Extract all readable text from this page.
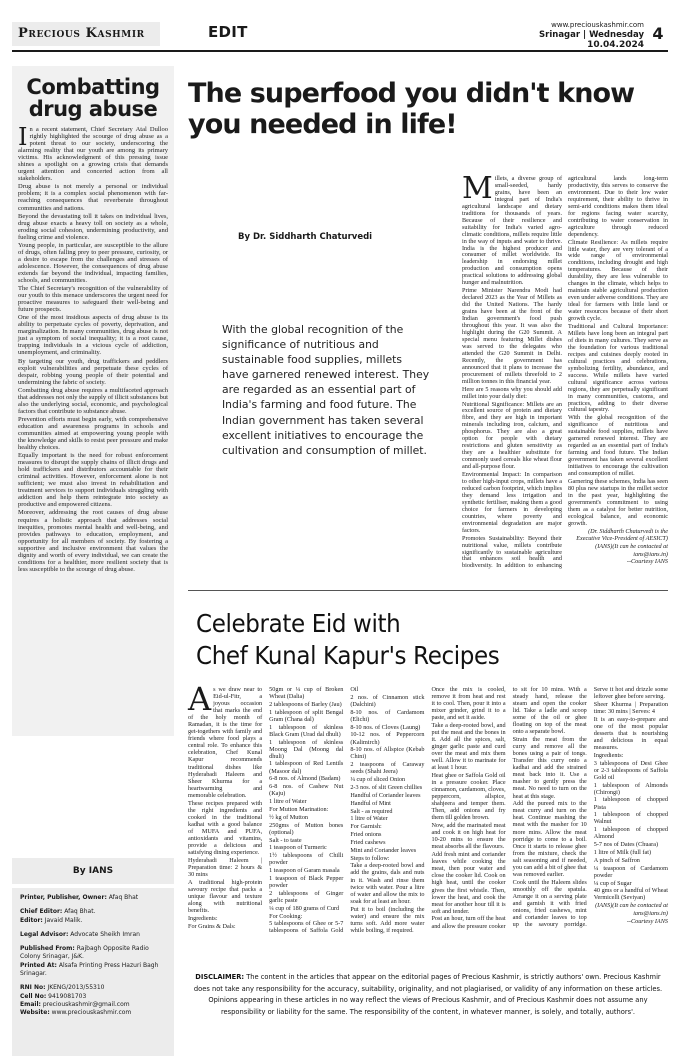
Precious Kashmir	EDIT	www.preciouskashmir.com
Srinagar | Wednesday
10.04.2024
4
Combatting drug abuse

In a recent statement, Chief Secretary Atal Dulloo rightly highlighted the scourge of drug abuse as a potent threat to our society, underscoring the alarming reality that our youth are among its primary victims. His acknowledgment of this pressing issue shines a spotlight on a growing crisis that demands urgent attention and concerted action from all stakeholders.

Drug abuse is not merely a personal or individual problem; it is a complex social phenomenon with far-reaching consequences that reverberate throughout communities and nations.

Beyond the devastating toll it takes on individual lives, drug abuse exacts a heavy toll on society as a whole, eroding social cohesion, undermining productivity, and fueling crime and violence.

Young people, in particular, are susceptible to the allure of drugs, often falling prey to peer pressure, curiosity, or a desire to escape from the challenges and stresses of adolescence. However, the consequences of drug abuse extends far beyond the individual, impacting families, schools, and communities.

The Chief Secretary's recognition of the vulnerability of our youth to this menace underscores the urgent need for proactive measures to safeguard their well-being and future prospects.

One of the most insidious aspects of drug abuse is its ability to perpetuate cycles of poverty, deprivation, and marginalization. In many communities, drug abuse is not just a symptom of social inequality; it is a root cause, trapping individuals in a vicious cycle of addiction, unemployment, and criminality.

By targeting our youth, drug traffickers and peddlers exploit vulnerabilities and perpetuate these cycles of despair, robbing young people of their potential and undermining the fabric of society.

Combatting drug abuse requires a multifaceted approach that addresses not only the supply of illicit substances but also the underlying social, economic, and psychological factors that contribute to substance abuse.

Prevention efforts must begin early, with comprehensive education and awareness programs in schools and communities aimed at empowering young people with the knowledge and skills to resist peer pressure and make healthy choices.

Equally important is the need for robust enforcement measures to disrupt the supply chains of illicit drugs and hold traffickers and distributors accountable for their criminal activities. However, enforcement alone is not sufficient; we must also invest in rehabilitation and treatment services to support individuals struggling with addiction and help them reintegrate into society as productive and empowered citizens.

Moreover, addressing the root causes of drug abuse requires a holistic approach that addresses social inequities, promotes mental health and well-being, and provides pathways to education, employment, and opportunity for all members of society. By fostering a supportive and inclusive environment that values the dignity and worth of every individual, we can create the conditions for a healthier, more resilient society that is less susceptible to the scourge of drug abuse.

By IANS
Printer, Publisher, Owner: Afaq Bhat
Chief Editor: Afaq Bhat.
Editor: Javaid Malik.
Legal Advisor: Advocate Sheikh Imran
Published From: Rajbagh Opposite Radio Colony Srinagar, J&K.
Printed At: Alsafa Printing Press Hazuri Bagh Srinagar.
RNI No: JKENG/2013/55310
Cell No: 9419081703
Email: preciouskashmir@gmail.com
Website: www.preciouskashmir.com
The superfood you didn't know you needed in life!
By Dr. Siddharth Chaturvedi
With the global recognition of the significance of nutritious and sustainable food supplies, millets have garnered renewed interest. They are regarded as an essential part of India's farming and food future. The Indian government has taken several excellent initiatives to encourage the cultivation and consumption of millet.

Millets, a diverse group of small-seeded, hardy grains, have been an integral part of India's agricultural landscape and dietary traditions for thousands of years. Because of their resilience and suitability for India's varied agro-climatic conditions, millets require little in the way of inputs and water to thrive. India is the highest producer and consumer of millet worldwide. Its leadership in endorsing millet production and consumption opens practical solutions to addressing global hunger and malnutrition.

Prime Minister Narendra Modi had declared 2023 as the Year of Millets as did the United Nations. The hardy grains have been at the front of the Indian government's food push throughout this year. It was also the highlight during the G20 Summit. A special menu featuring Millet dishes was served to the delegates who attended the G20 Summit in Delhi. Recently, the government has announced that it plans to increase the procurement of millets threefold to 2 million tonnes in this financial year.

Here are 5 reasons why you should add millet into your daily diet:

Nutritional Significance: Millets are an excellent source of protein and dietary fibre, and they are high in important minerals including iron, calcium, and phosphorus. They are also a great option for people with dietary restrictions and gluten sensitivity as they are a healthier substitute for commonly used cereals like wheat flour and all-purpose flour.

Environmental Impact: In comparison to other high-input crops, millets have a reduced carbon footprint, which implies they demand less irrigation and synthetic fertiliser, making them a good choice for farmers in developing countries, where poverty and environmental degradation are major factors.

Promotes Sustainability: Beyond their nutritional value, millets contribute significantly to sustainable agriculture that enhances soil health and biodiversity. In addition to enhancing agricultural lands long-term productivity, this serves to conserve the environment. Due to their low water requirement, their ability to thrive in semi-arid conditions makes them ideal for regions facing water scarcity, contributing to water conservation in agriculture through reduced dependency.

Climate Resilience: As millets require little water, they are very tolerant of a wide range of environmental conditions, including drought and high temperatures. Because of their durability, they are less vulnerable to changes in the climate, which helps to maintain stable agricultural production even under adverse conditions. They are ideal for farmers with little land or water resources because of their short growth cycle.

Traditional and Cultural Importance: Millets have long been an integral part of diets in many cultures. They serve as the foundation for various traditional recipes and cuisines deeply rooted in cultural practices and celebrations, symbolizing fertility, abundance, and success. While millets have varied cultural significance across various regions, they are perpetually significant in many communities, customs, and practices, adding to their diverse cultural tapestry.

With the global recognition of the significance of nutritious and sustainable food supplies, millets have garnered renewed interest. They are regarded as an essential part of India's farming and food future. The Indian government has taken several excellent initiatives to encourage the cultivation and consumption of millet.

Garnering these schemes, India has seen 80 plus new startups in the millet sector in the past year, highlighting the government's commitment to using them as a catalyst for better nutrition, ecological balance, and economic growth.

(Dr. Siddharth Chaturvedi is the Executive Vice-President of AESICT)

(IANS)(It can be contacted at

ians@ians.in)

--Courtesy IANS

Celebrate Eid with
Chef Kunal Kapur's Recipes

As we draw near to Eid-ul-Fitr, a joyous occasion that marks the end of the holy month of Ramadan, it is the time for get-togethers with family and friends where food plays a central role. To enhance this celebration, Chef Kunal Kapur recommends traditional dishes like Hyderabadi Haleem and Sheer Khurma for a heartwarming and memorable celebration.

These recipes prepared with the right ingredients and cooked in the traditional kadhai with a good balance of MUFA and PUFA, antioxidants and vitamins, provide a delicious and satisfying dining experience.

Hyderabadi Haleem | Preparation time: 2 hours & 30 mins

A traditional high-protein savoury recipe that packs a unique flavour and texture along with nutritional benefits.

Ingredients:

For Grains & Dals:

50gm or ¼ cup of Broken Wheat (Dalia)

2 tablespoons of Barley (Jau)

1 tablespoon of split Bengal Gram (Chana dal)

1 tablespoon of skinless Black Gram (Urad dal dhuli)

1 tablespoon of skinless Moong Dal (Moong dal dhuli)

1 tablespoon of Red Lentils (Masoor dal)

6-8 nos. of Almond (Badam)

6-8 nos. of Cashew Nut (Kaju)

1 litre of Water

For Mutton Marination:

½ kg of Mutton

250gms of Mutton bones (optional)

Salt - to taste

1 teaspoon of Turmeric

1½ tablespoons of Chilli powder

1 teaspoon of Garam masala

1 teaspoon of Black Pepper powder

2 tablespoons of Ginger garlic paste

¼ cup of 180 grams of Curd

For Cooking:

5 tablespoons of Ghee or 5-7 tablespoons of Saffola Gold Oil

2 nos. of Cinnamon stick (Dalchini)

8-10 nos. of Cardamom (Elichi)

8-10 nos. of Cloves (Laung)

10-12 nos. of Peppercorn (Kalimirch)

8-10 nos. of Allspice (Kebab Chini)

2 teaspoons of Caraway seeds (Shahi Jeera)

¼ cup of sliced Onion

2-3 nos. of slit Green chillies

Handful of Coriander leaves

Handful of Mint

Salt - as required

1 litre of Water

For Garnish:

Fried onions

Fried cashews

Mint and Coriander leaves

Steps to follow:

Take a deep-rooted bowl and add the grains, dals and nuts in it. Wash and rinse them twice with water. Pour a litre of water and allow the mix to soak for at least an hour.

Put it to boil (including the water) and ensure the mix turns soft. Add more water while boiling, if required.

Once the mix is cooled, remove it from heat and rest it to cool. Then, pour it into a mixer grinder, grind it to a paste, and set it aside.

Take a deep-rooted bowl, and put the meat and the bones in it. Add all the spices, salt, ginger garlic paste and curd over the meat and mix them well. Allow it to marinate for at least 1 hour.

Heat ghee or Saffola Gold oil in a pressure cooker. Place cinnamon, cardamom, cloves, peppercorn, allspice, shahjeera and temper them. Then, add onions and fry them till golden brown.

Now, add the marinated meat and cook it on high heat for 10-20 mins to ensure the meat absorbs all the flavours.

Add fresh mint and coriander leaves while cooking the meat, then pour water and close the cooker lid. Cook on high heat, until the cooker gives the first whistle. Then, lower the heat, and cook the meat for another hour till it is soft and tender.

Post an hour, turn off the heat and allow the pressure cooker to sit for 10 mins. With a steady hand, release the steam and open the cooker lid. Take a ladle and scoop some of the oil or ghee floating on top of the meat onto a separate bowl.

Strain the meat from the curry and remove all the bones using a pair of tongs. Transfer this curry onto a kadhai and add the strained meat back into it. Use a masher to gently press the meat. No need to turn on the heat at this stage.

Add the pureed mix to the meat curry and turn on the heat. Continue mashing the meat with the masher for 10 more mins. Allow the meat porridge to come to a boil. Once it starts to release ghee from the mixture, check the salt seasoning and if needed, you can add a bit of ghee that was removed earlier.

Cook until the Haleem slides smoothly off the spatula. Arrange it on a serving plate and garnish it with fried onions, fried cashews, mint and coriander leaves to top up the savoury porridge. Serve it hot and drizzle some leftover ghee before serving.

Sheer Khurma | Preparation time: 30 mins | Serves: 4

It is an easy-to-prepare and one of the most popular desserts that is nourishing and delicious in equal measures.

Ingredients:

3 tablespoons of Desi Ghee or 2-3 tablespoons of Saffola Gold oil

1 tablespoon of Almonds (Chirongi)

1 tablespoon of chopped Pista

1 tablespoon of chopped Walnut

1 tablespoon of chopped Almond

5-7 nos of Dates (Chuara)

1 litre of Milk (full fat)

A pinch of Saffron

¼ teaspoon of Cardamom powder

¼ cup of Sugar

40 gms or a handful of Wheat Vermicelli (Seviyan)

(IANS)(It can be contacted at

ians@ians.in)

--Courtesy IANS

DISCLAIMER: The content in the articles that appear on the editorial pages of Precious Kashmir, is strictly authors' own. Precious Kashmir does not take any responsibility for the accuracy, suitability, originality, and not plagiarised, or validity of any information on these articles. Opinions appearing in these articles in no way reflect the views of Precious Kashmir, and of Precious Kashmir does not assume any responsibility or liability for the same. The responsibility of the content, in whatever manner, is solely, and totally, authors'.
